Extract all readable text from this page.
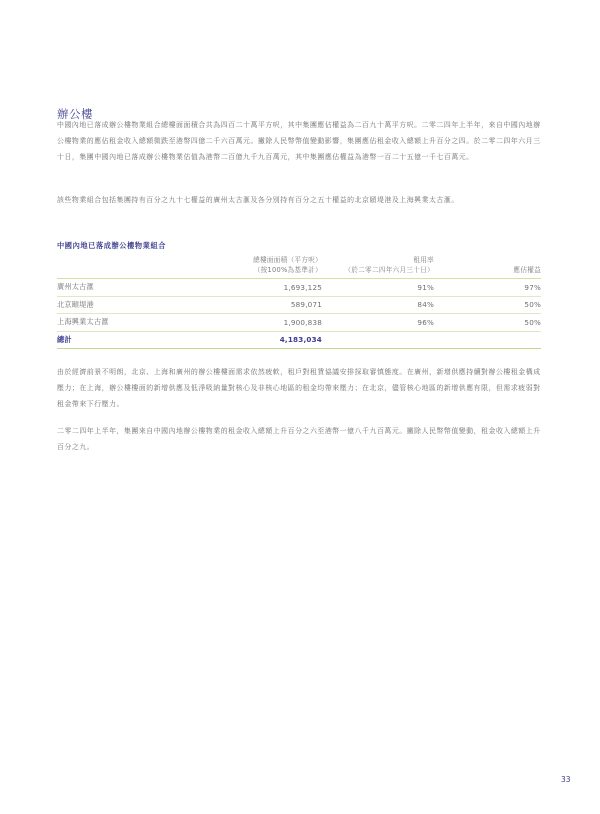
辦公樓

中國內地已落成辦公樓物業組合總樓面面積合共為四百二十萬平方呎，其中集團應佔權益為二百九十萬平方呎。二零二四年上半年，來自中國內地辦公樓物業的應佔租金收入總額微跌至港幣四億二千六百萬元。撇除人民幣幣值變動影響，集團應佔租金收入總額上升百分之四。於二零二四年六月三十日，集團中國內地已落成辦公樓物業估值為港幣二百億九千九百萬元，其中集團應佔權益為港幣一百二十五億一千七百萬元。

該些物業組合包括集團持有百分之九十七權益的廣州太古滙及各分別持有百分之五十權益的北京頤堤港及上海興業太古滙。

中國內地已落成辦公樓物業組合

總樓面面積（平方呎）
（按100%為基準計）

租用率
（於二零二四年六月三十日）	應佔權益
廣州太古滙	1,693,125	91%	97%
北京頤堤港	589,071	84%	50%
上海興業太古滙	1,900,838	96%	50%
總計	4,183,034		

由於經濟前景不明朗，北京、上海和廣州的辦公樓樓面需求依然疲軟，租戶對租賃協議安排採取審慎態度。在廣州，新增供應持續對辦公樓租金構成壓力；在上海，辦公樓樓面的新增供應及低淨吸納量對核心及非核心地區的租金均帶來壓力；在北京，儘管核心地區的新增供應有限，但需求疲弱對租金帶來下行壓力。

二零二四年上半年，集團來自中國內地辦公樓物業的租金收入總額上升百分之六至港幣一億八千九百萬元。撇除人民幣幣值變動，租金收入總額上升百分之九。

33
